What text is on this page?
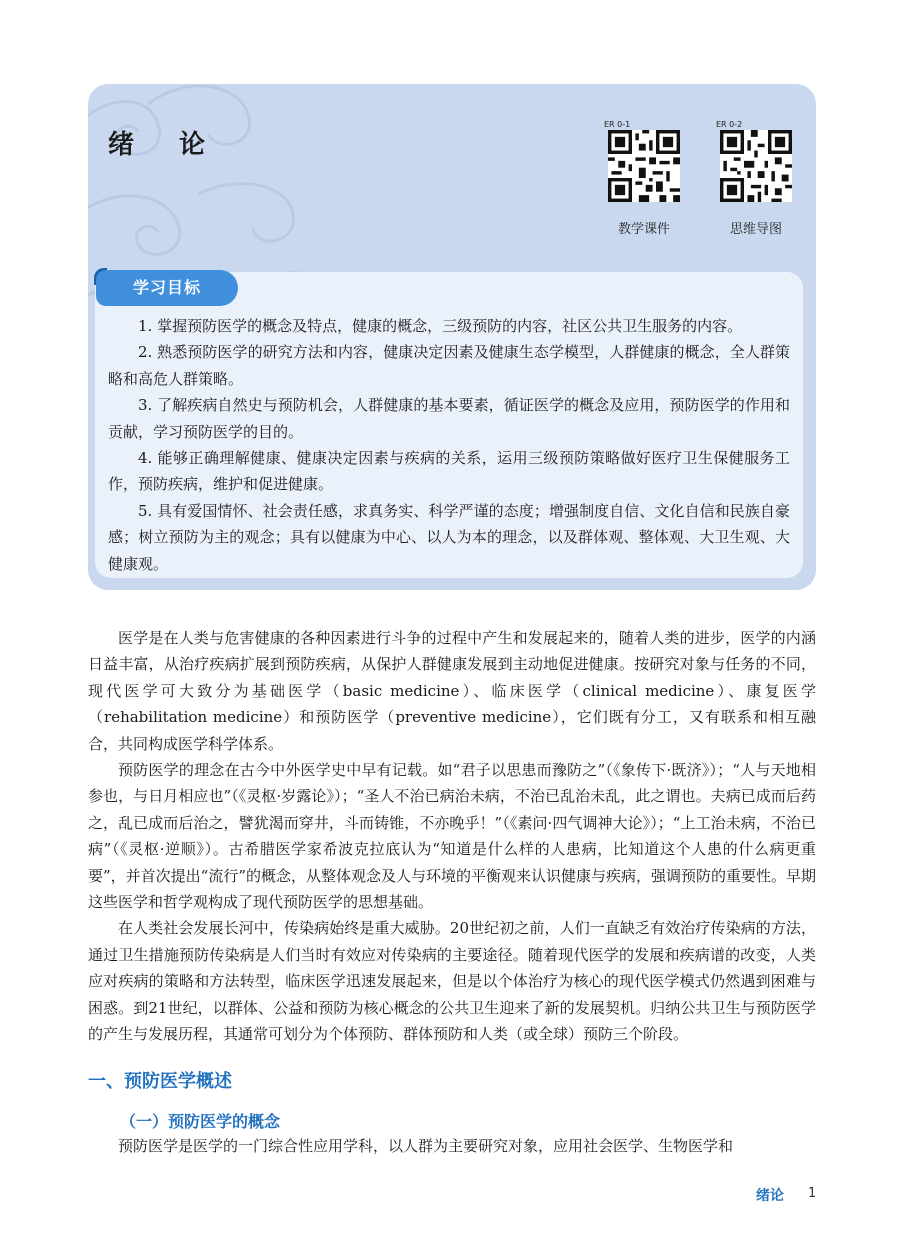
绪 论
ER 0-1
教学课件
ER 0-2
思维导图
学习目标

1. 掌握预防医学的概念及特点，健康的概念，三级预防的内容，社区公共卫生服务的内容。

2. 熟悉预防医学的研究方法和内容，健康决定因素及健康生态学模型，人群健康的概念，全人群策略和高危人群策略。

3. 了解疾病自然史与预防机会，人群健康的基本要素，循证医学的概念及应用，预防医学的作用和贡献，学习预防医学的目的。

4. 能够正确理解健康、健康决定因素与疾病的关系，运用三级预防策略做好医疗卫生保健服务工作，预防疾病，维护和促进健康。

5. 具有爱国情怀、社会责任感，求真务实、科学严谨的态度；增强制度自信、文化自信和民族自豪感；树立预防为主的观念；具有以健康为中心、以人为本的理念，以及群体观、整体观、大卫生观、大健康观。

医学是在人类与危害健康的各种因素进行斗争的过程中产生和发展起来的，随着人类的进步，医学的内涵日益丰富，从治疗疾病扩展到预防疾病，从保护人群健康发展到主动地促进健康。按研究对象与任务的不同，现代医学可大致分为基础医学（basic medicine）、临床医学（clinical medicine）、康复医学（rehabilitation medicine）和预防医学（preventive medicine），它们既有分工，又有联系和相互融合，共同构成医学科学体系。

预防医学的理念在古今中外医学史中早有记载。如“君子以思患而豫防之”（《象传下·既济》）；“人与天地相参也，与日月相应也”（《灵枢·岁露论》）；“圣人不治已病治未病，不治已乱治未乱，此之谓也。夫病已成而后药之，乱已成而后治之，譬犹渴而穿井，斗而铸锥，不亦晚乎！”（《素问·四气调神大论》）；“上工治未病，不治已病”（《灵枢·逆顺》）。古希腊医学家希波克拉底认为“知道是什么样的人患病，比知道这个人患的什么病更重要”，并首次提出“流行”的概念，从整体观念及人与环境的平衡观来认识健康与疾病，强调预防的重要性。早期这些医学和哲学观构成了现代预防医学的思想基础。

在人类社会发展长河中，传染病始终是重大威胁。20世纪初之前，人们一直缺乏有效治疗传染病的方法，通过卫生措施预防传染病是人们当时有效应对传染病的主要途径。随着现代医学的发展和疾病谱的改变，人类应对疾病的策略和方法转型，临床医学迅速发展起来，但是以个体治疗为核心的现代医学模式仍然遇到困难与困惑。到21世纪，以群体、公益和预防为核心概念的公共卫生迎来了新的发展契机。归纳公共卫生与预防医学的产生与发展历程，其通常可划分为个体预防、群体预防和人类（或全球）预防三个阶段。

一、预防医学概述
（一）预防医学的概念

预防医学是医学的一门综合性应用学科，以人群为主要研究对象，应用社会医学、生物医学和

绪论 1
